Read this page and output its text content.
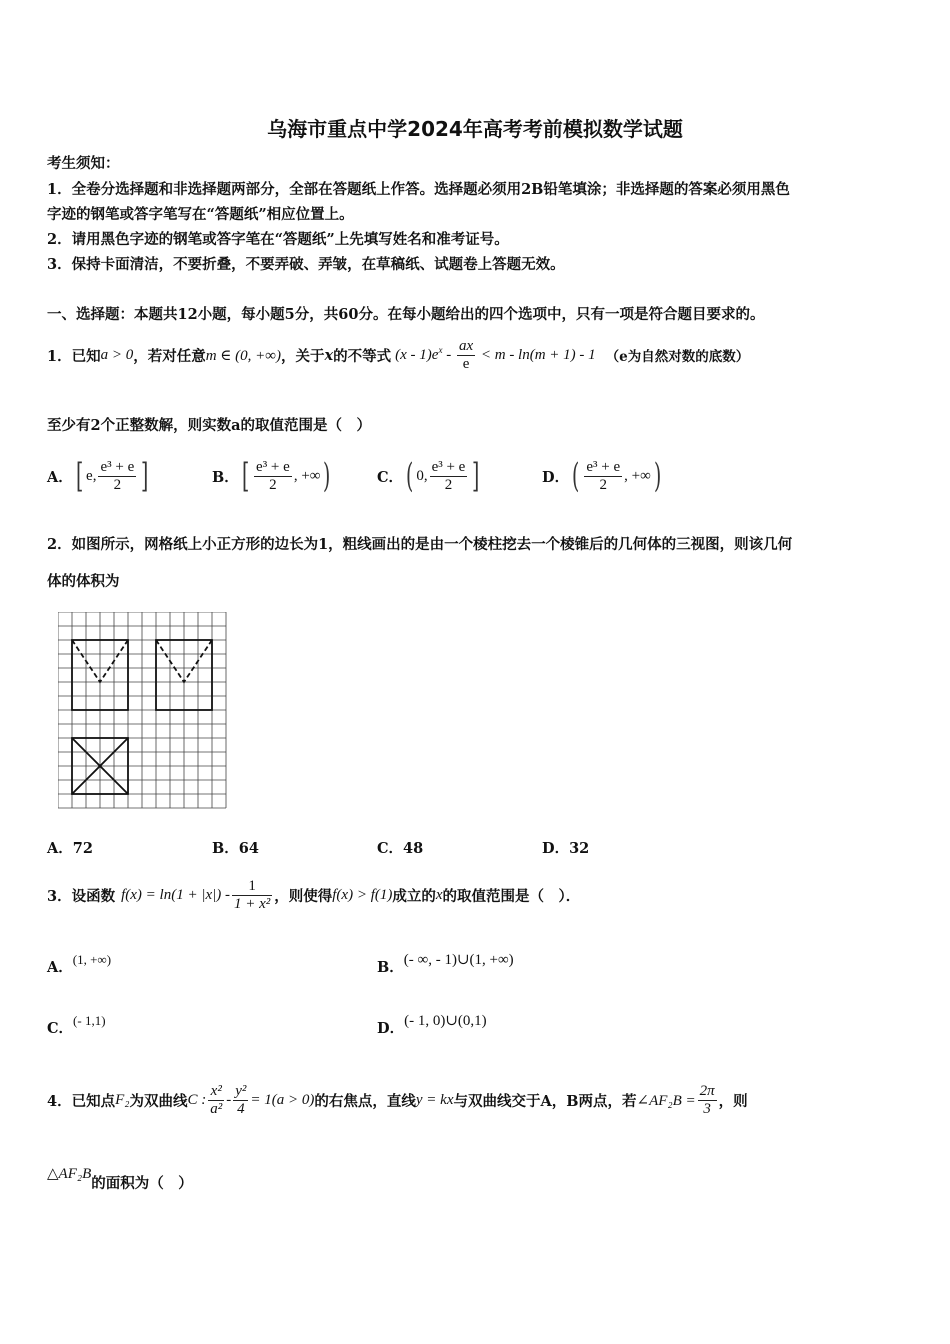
乌海市重点中学2024年高考考前模拟数学试题
考生须知：
1．全卷分选择题和非选择题两部分，全部在答题纸上作答。选择题必须用2B铅笔填涂；非选择题的答案必须用黑色
字迹的钢笔或答字笔写在“答题纸”相应位置上。
2．请用黑色字迹的钢笔或答字笔在“答题纸”上先填写姓名和准考证号。
3．保持卡面清洁，不要折叠，不要弄破、弄皱，在草稿纸、试题卷上答题无效。
一、选择题：本题共12小题，每小题5分，共60分。在每小题给出的四个选项中，只有一项是符合题目要求的。
1．已知 a > 0 ，若对任意 m ∈ (0, +∞) ，关于 x 的不等式 $(x - 1)e^x - \frac{ax}{e} < m - \ln(m + 1) - 1$ （e为自然对数的底数）
至少有2个正整数解，则实数a的取值范围是（　）
A． [ e, $\frac{\text{e³ + e}}{2}$ ]	B． [ $\frac{\text{e³ + e}}{2}$ , +∞ )	C． ( 0, $\frac{\text{e³ + e}}{2}$ ]	D． ( $\frac{\text{e³ + e}}{2}$ , +∞ )
2．如图所示，网格纸上小正方形的边长为1，粗线画出的是由一个棱柱挖去一个棱锥后的几何体的三视图，则该几何
体的体积为
A．72	B．64	C．48	D．32
3．设函数 $f(x) = \ln(1 + |x|) - \frac{1}{\text{1 + x²}}$ ，则使得 f(x) > f(1) 成立的 x 的取值范围是（　）．
A．(1, +∞)	B．(- ∞, - 1)∪(1, +∞)
C．(- 1,1)	D．(- 1, 0)∪(0,1)
4．已知点 F₂ 为双曲线 C : $\frac{\text{x²}}{\text{a²}} - \frac{\text{y²}}{4} = 1(a > 0)$ 的右焦点，直线 y = kx 与双曲线交于A，B两点，若 ∠AF₂B = $\frac{2\pi}{3}$ ，则
△AF₂B
的面积为（　）
